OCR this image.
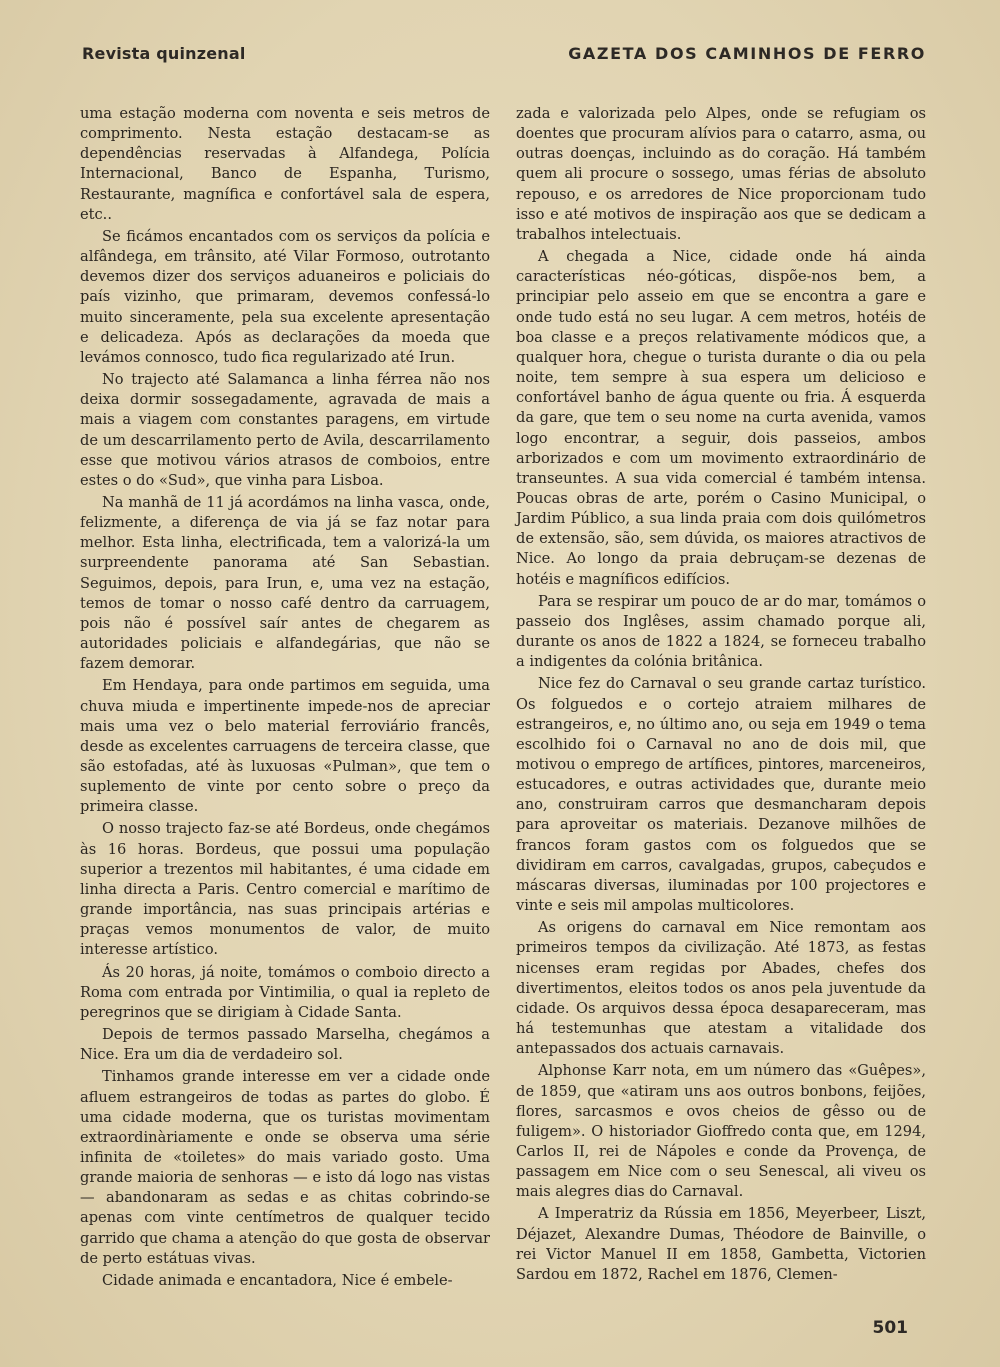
Revista quinzenal	GAZETA DOS CAMINHOS DE FERRO

uma estação moderna com noventa e seis metros de comprimento. Nesta estação destacam-se as dependências reservadas à Alfandega, Polícia Internacional, Banco de Espanha, Turismo, Restaurante, magnífica e confortável sala de espera, etc..

Se ficámos encantados com os serviços da polícia e alfândega, em trânsito, até Vilar Formoso, outrotanto devemos dizer dos serviços aduaneiros e policiais do país vizinho, que primaram, devemos confessá-lo muito sinceramente, pela sua excelente apresentação e delicadeza. Após as declarações da moeda que levámos connosco, tudo fica regularizado até Irun.

No trajecto até Salamanca a linha férrea não nos deixa dormir sossegadamente, agravada de mais a mais a viagem com constantes paragens, em virtude de um descarrilamento perto de Avila, descarrilamento esse que motivou vários atrasos de comboios, entre estes o do «Sud», que vinha para Lisboa.

Na manhã de 11 já acordámos na linha vasca, onde, felizmente, a diferença de via já se faz notar para melhor. Esta linha, electrificada, tem a valorizá-la um surpreendente panorama até San Sebastian. Seguimos, depois, para Irun, e, uma vez na estação, temos de tomar o nosso café dentro da carruagem, pois não é possível saír antes de chegarem as autoridades policiais e alfandegárias, que não se fazem demorar.

Em Hendaya, para onde partimos em seguida, uma chuva miuda e impertinente impede-nos de apreciar mais uma vez o belo material ferroviário francês, desde as excelentes carruagens de terceira classe, que são estofadas, até às luxuosas «Pulman», que tem o suplemento de vinte por cento sobre o preço da primeira classe.

O nosso trajecto faz-se até Bordeus, onde chegámos às 16 horas. Bordeus, que possui uma população superior a trezentos mil habitantes, é uma cidade em linha directa a Paris. Centro comercial e marítimo de grande importância, nas suas principais artérias e praças vemos monumentos de valor, de muito interesse artístico.

Ás 20 horas, já noite, tomámos o comboio directo a Roma com entrada por Vintimilia, o qual ia repleto de peregrinos que se dirigiam à Cidade Santa.

Depois de termos passado Marselha, chegámos a Nice. Era um dia de verdadeiro sol.

Tinhamos grande interesse em ver a cidade onde afluem estrangeiros de todas as partes do globo. É uma cidade moderna, que os turistas movimentam extraordinàriamente e onde se observa uma série infinita de «toiletes» do mais variado gosto. Uma grande maioria de senhoras — e isto dá logo nas vistas — abandonaram as sedas e as chitas cobrindo-se apenas com vinte centímetros de qualquer tecido garrido que chama a atenção do que gosta de observar de perto estátuas vivas.

Cidade animada e encantadora, Nice é embele-

zada e valorizada pelo Alpes, onde se refugiam os doentes que procuram alívios para o catarro, asma, ou outras doenças, incluindo as do coração. Há também quem ali procure o sossego, umas férias de absoluto repouso, e os arredores de Nice proporcionam tudo isso e até motivos de inspiração aos que se dedicam a trabalhos intelectuais.

A chegada a Nice, cidade onde há ainda características néo-góticas, dispõe-nos bem, a principiar pelo asseio em que se encontra a gare e onde tudo está no seu lugar. A cem metros, hotéis de boa classe e a preços relativamente módicos que, a qualquer hora, chegue o turista durante o dia ou pela noite, tem sempre à sua espera um delicioso e confortável banho de água quente ou fria. Á esquerda da gare, que tem o seu nome na curta avenida, vamos logo encontrar, a seguir, dois passeios, ambos arborizados e com um movimento extraordinário de transeuntes. A sua vida comercial é também intensa. Poucas obras de arte, porém o Casino Municipal, o Jardim Público, a sua linda praia com dois quilómetros de extensão, são, sem dúvida, os maiores atractivos de Nice. Ao longo da praia debruçam-se dezenas de hotéis e magníficos edifícios.

Para se respirar um pouco de ar do mar, tomámos o passeio dos Inglêses, assim chamado porque ali, durante os anos de 1822 a 1824, se forneceu trabalho a indigentes da colónia britânica.

Nice fez do Carnaval o seu grande cartaz turístico. Os folguedos e o cortejo atraiem milhares de estrangeiros, e, no último ano, ou seja em 1949 o tema escolhido foi o Carnaval no ano de dois mil, que motivou o emprego de artífices, pintores, marceneiros, estucadores, e outras actividades que, durante meio ano, construiram carros que desmancharam depois para aproveitar os materiais. Dezanove milhões de francos foram gastos com os folguedos que se dividiram em carros, cavalgadas, grupos, cabeçudos e máscaras diversas, iluminadas por 100 projectores e vinte e seis mil ampolas multicolores.

As origens do carnaval em Nice remontam aos primeiros tempos da civilização. Até 1873, as festas nicenses eram regidas por Abades, chefes dos divertimentos, eleitos todos os anos pela juventude da cidade. Os arquivos dessa época desapareceram, mas há testemunhas que atestam a vitalidade dos antepassados dos actuais carnavais.

Alphonse Karr nota, em um número das «Guêpes», de 1859, que «atiram uns aos outros bonbons, feijões, flores, sarcasmos e ovos cheios de gêsso ou de fuligem». O historiador Gioffredo conta que, em 1294, Carlos II, rei de Nápoles e conde da Provença, de passagem em Nice com o seu Senescal, ali viveu os mais alegres dias do Carnaval.

A Imperatriz da Rússia em 1856, Meyerbeer, Liszt, Déjazet, Alexandre Dumas, Théodore de Bainville, o rei Victor Manuel II em 1858, Gambetta, Victorien Sardou em 1872, Rachel em 1876, Clemen-

501
